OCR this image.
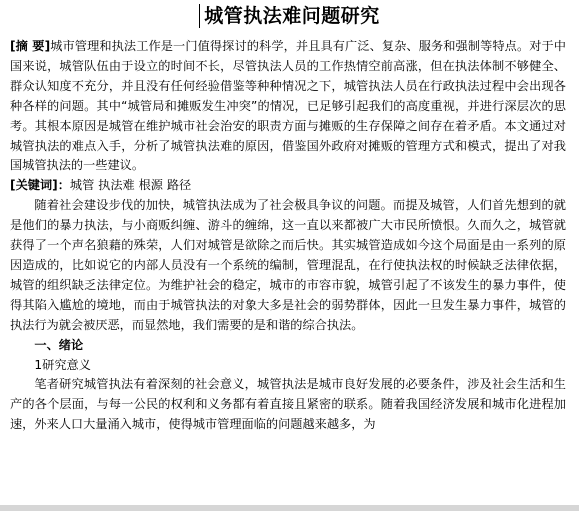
城管执法难问题研究

[摘 要]城市管理和执法工作是一门值得探讨的科学，并且具有广泛、复杂、服务和强制等特点。对于中国来说，城管队伍由于设立的时间不长，尽管执法人员的工作热情空前高涨，但在执法体制不够健全、群众认知度不充分，并且没有任何经验借鉴等种种情况之下，城管执法人员在行政执法过程中会出现各种各样的问题。其中“城管局和摊贩发生冲突”的情况，已足够引起我们的高度重视，并进行深层次的思考。其根本原因是城管在维护城市社会治安的职责方面与摊贩的生存保障之间存在着矛盾。本文通过对城管执法的难点入手，分析了城管执法难的原因，借鉴国外政府对摊贩的管理方式和模式，提出了对我国城管执法的一些建议。

[关键词]：城管 执法难 根源 路径

随着社会建设步伐的加快，城管执法成为了社会极具争议的问题。而提及城管，人们首先想到的就是他们的暴力执法，与小商贩纠缠、游斗的缠绵，这一直以来都被广大市民所愤恨。久而久之，城管就获得了一个声名狼藉的殊荣，人们对城管是欲除之而后快。其实城管造成如今这个局面是由一系列的原因造成的，比如说它的内部人员没有一个系统的编制，管理混乱，在行使执法权的时候缺乏法律依据，城管的组织缺乏法律定位。为维护社会的稳定，城市的市容市貌，城管引起了不该发生的暴力事件，使得其陷入尴尬的境地，而由于城管执法的对象大多是社会的弱势群体，因此一旦发生暴力事件，城管的执法行为就会被厌恶，而显然地，我们需要的是和谐的综合执法。

一、绪论

1研究意义

笔者研究城管执法有着深刻的社会意义，城管执法是城市良好发展的必要条件，涉及社会生活和生产的各个层面，与每一公民的权利和义务都有着直接且紧密的联系。随着我国经济发展和城市化进程加速，外来人口大量涌入城市，使得城市管理面临的问题越来越多，为
